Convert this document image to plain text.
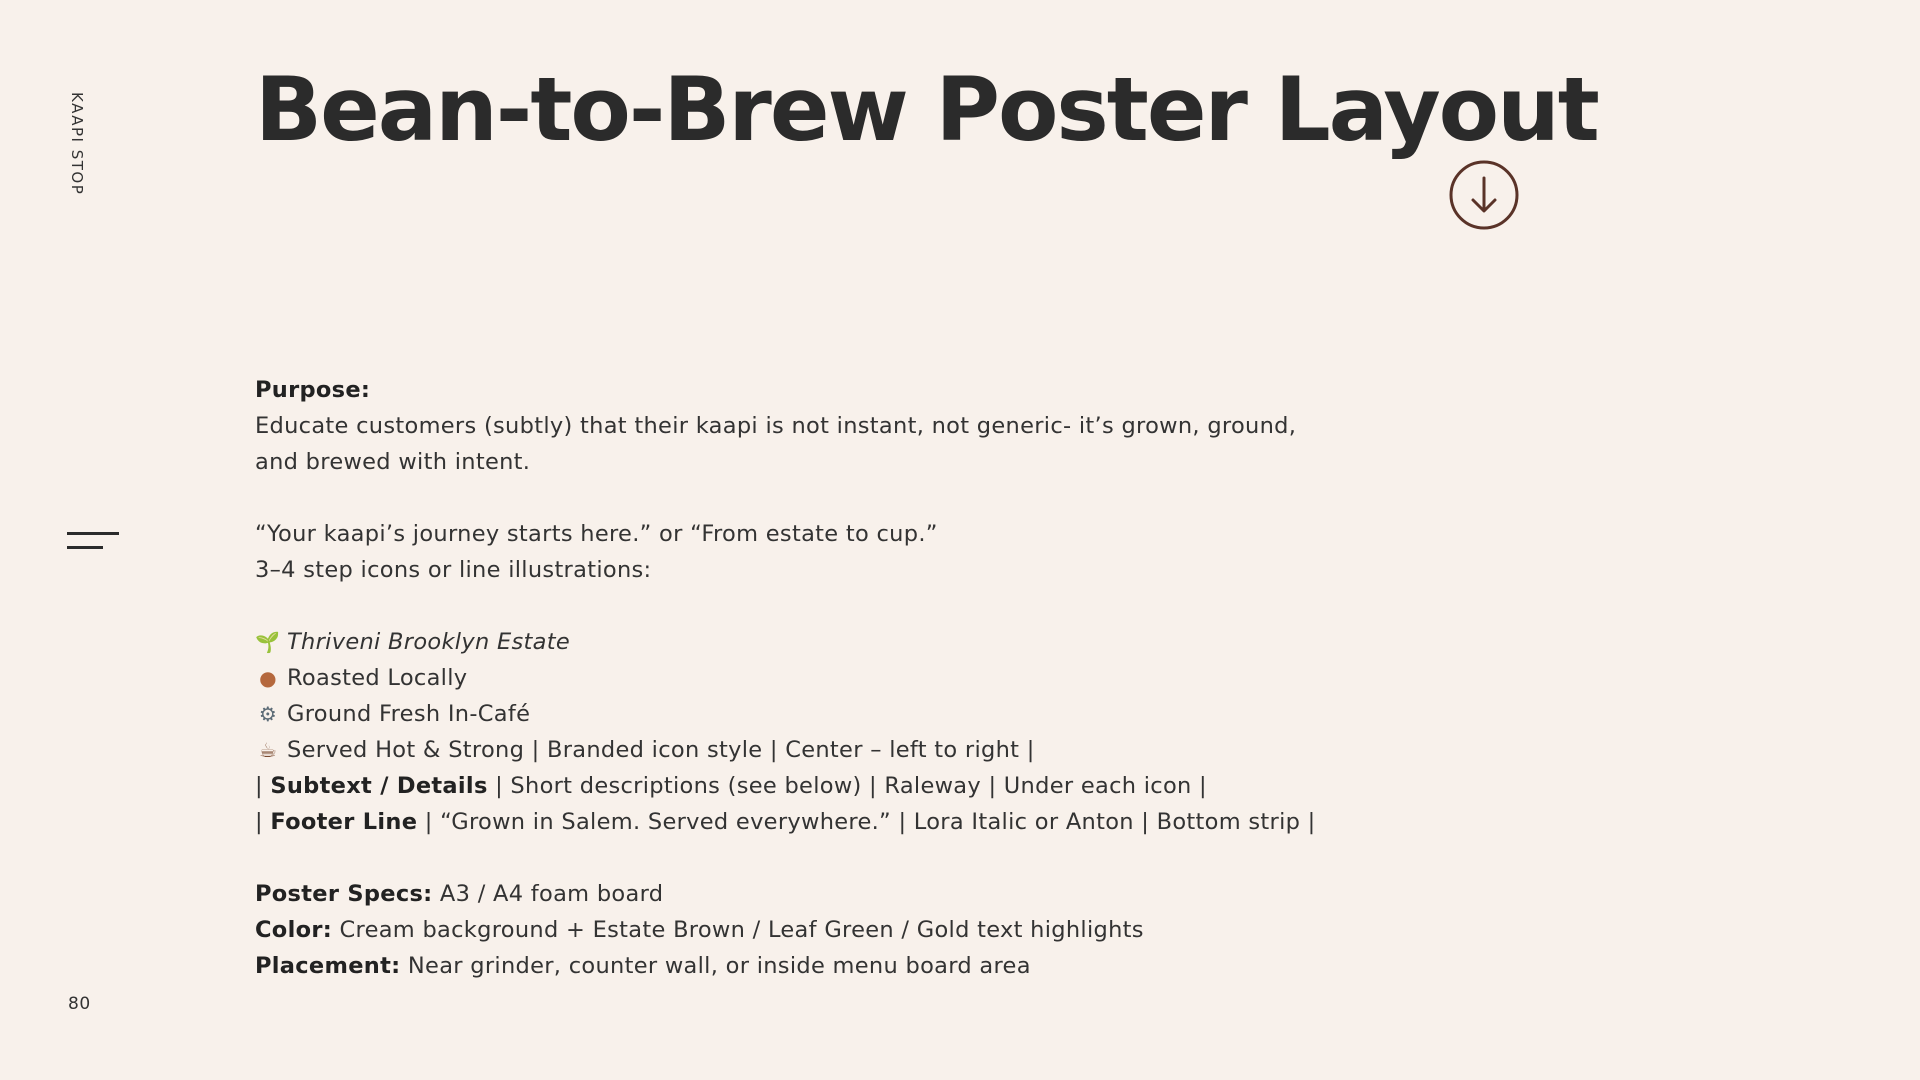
KAAPI STOP
80
Bean-to-Brew Poster Layout

Purpose:

Educate customers (subtly) that their kaapi is not instant, not generic- it’s grown, ground,

and brewed with intent.

“Your kaapi’s journey starts here.” or “From estate to cup.”

3–4 step icons or line illustrations:

🌱 Thriveni Brooklyn Estate

● Roasted Locally

⚙ Ground Fresh In-Café

☕ Served Hot & Strong | Branded icon style | Center – left to right |

| Subtext / Details | Short descriptions (see below) | Raleway | Under each icon |

| Footer Line | “Grown in Salem. Served everywhere.” | Lora Italic or Anton | Bottom strip |

Poster Specs: A3 / A4 foam board

Color: Cream background + Estate Brown / Leaf Green / Gold text highlights

Placement: Near grinder, counter wall, or inside menu board area
